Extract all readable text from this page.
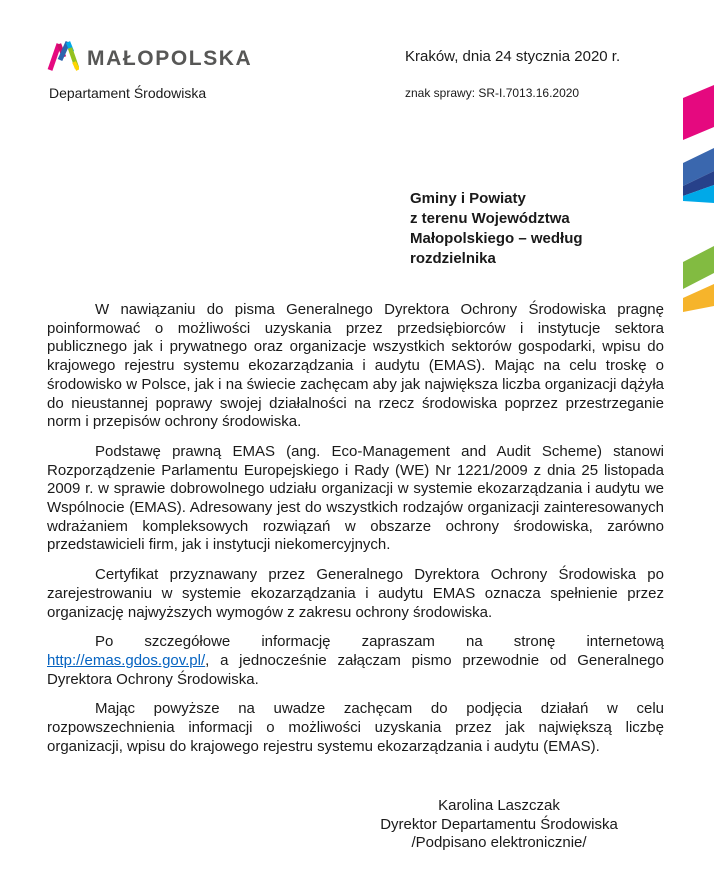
MAŁOPOLSKA
Departament Środowiska
Kraków, dnia 24 stycznia 2020 r.
znak sprawy: SR-I.7013.16.2020
Gminy i Powiaty
z terenu Województwa
Małopolskiego – według
rozdzielnika

W nawiązaniu do pisma Generalnego Dyrektora Ochrony Środowiska pragnę poinformować o możliwości uzyskania przez przedsiębiorców i instytucje sektora publicznego jak i prywatnego oraz organizacje wszystkich sektorów gospodarki, wpisu do krajowego rejestru systemu ekozarządzania i audytu (EMAS). Mając na celu troskę o środowisko w Polsce, jak i na świecie zachęcam aby jak największa liczba organizacji dążyła do nieustannej poprawy swojej działalności na rzecz środowiska poprzez przestrzeganie norm i przepisów ochrony środowiska.

Podstawę prawną EMAS (ang. Eco-Management and Audit Scheme) stanowi Rozporządzenie Parlamentu Europejskiego i Rady (WE) Nr 1221/2009 z dnia 25 listopada 2009 r. w sprawie dobrowolnego udziału organizacji w systemie ekozarządzania i audytu we Wspólnocie (EMAS). Adresowany jest do wszystkich rodzajów organizacji zainteresowanych wdrażaniem kompleksowych rozwiązań w obszarze ochrony środowiska, zarówno przedstawicieli firm, jak i instytucji niekomercyjnych.

Certyfikat przyznawany przez Generalnego Dyrektora Ochrony Środowiska po zarejestrowaniu w systemie ekozarządzania i audytu EMAS oznacza spełnienie przez organizację najwyższych wymogów z zakresu ochrony środowiska.

Po szczegółowe informację zapraszam na stronę internetową http://emas.gdos.gov.pl/, a jednocześnie załączam pismo przewodnie od Generalnego Dyrektora Ochrony Środowiska.

Mając powyższe na uwadze zachęcam do podjęcia działań w celu rozpowszechnienia informacji o możliwości uzyskania przez jak największą liczbę organizacji, wpisu do krajowego rejestru systemu ekozarządzania i audytu (EMAS).

Karolina Laszczak
Dyrektor Departamentu Środowiska
/Podpisano elektronicznie/
